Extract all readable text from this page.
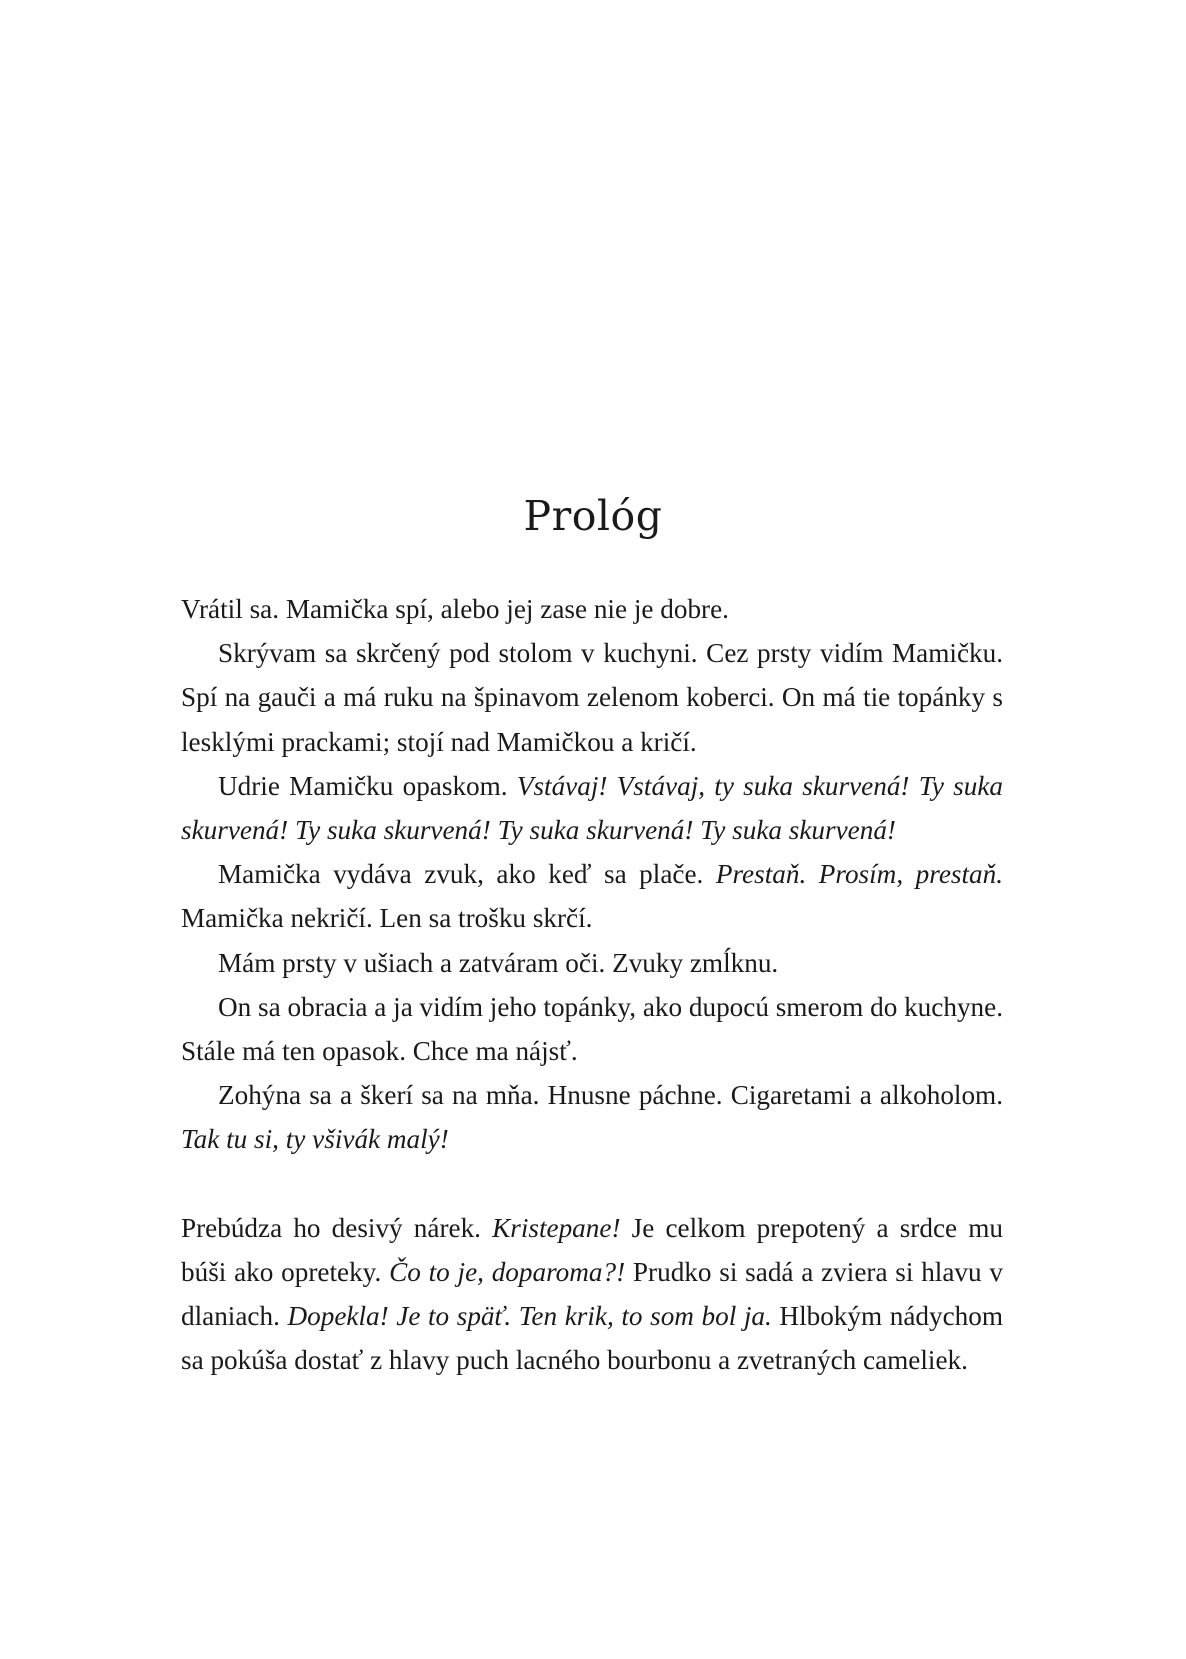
Prológ

Vrátil sa. Mamička spí, alebo jej zase nie je dobre.

Skrývam sa skrčený pod stolom v kuchyni. Cez prsty vidím Mamičku. Spí na gauči a má ruku na špinavom zelenom koberci. On má tie topánky s lesklými prackami; stojí nad Mamičkou a kričí.

Udrie Mamičku opaskom. Vstávaj! Vstávaj, ty suka skurvená! Ty suka skurvená! Ty suka skurvená! Ty suka skurvená! Ty suka skurvená!

Mamička vydáva zvuk, ako keď sa plače. Prestaň. Prosím, prestaň. Mamička nekričí. Len sa trošku skrčí.

Mám prsty v ušiach a zatváram oči. Zvuky zmĺknu.

On sa obracia a ja vidím jeho topánky, ako dupocú smerom do kuchyne. Stále má ten opasok. Chce ma nájsť.

Zohýna sa a škerí sa na mňa. Hnusne páchne. Cigaretami a alkoholom. Tak tu si, ty všivák malý!

Prebúdza ho desivý nárek. Kristepane! Je celkom prepotený a srdce mu búši ako opreteky. Čo to je, doparoma?! Prudko si sadá a zviera si hlavu v dlaniach. Dopekla! Je to späť. Ten krik, to som bol ja. Hlbokým nádychom sa pokúša dostať z hlavy puch lacného bourbonu a zvetraných cameliek.
